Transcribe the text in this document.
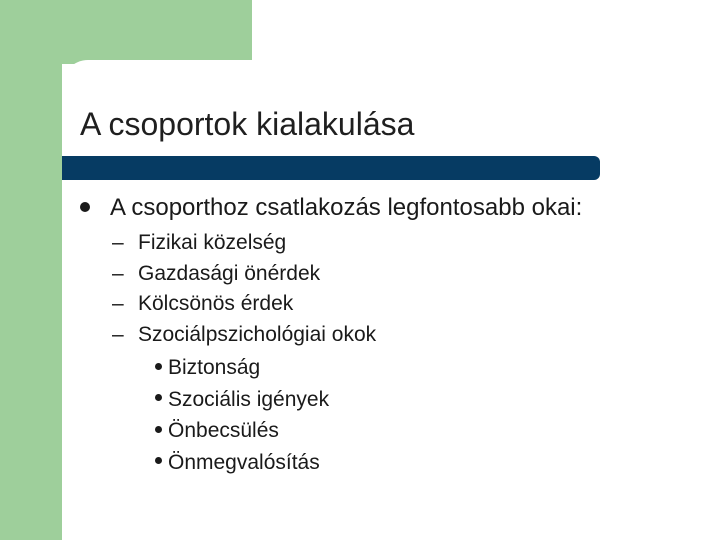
A csoportok kialakulása
A csoporthoz csatlakozás legfontosabb okai:
– Fizikai közelség
– Gazdasági önérdek
– Kölcsönös érdek
– Szociálpszichológiai okok
Biztonság
Szociális igények
Önbecsülés
Önmegvalósítás
